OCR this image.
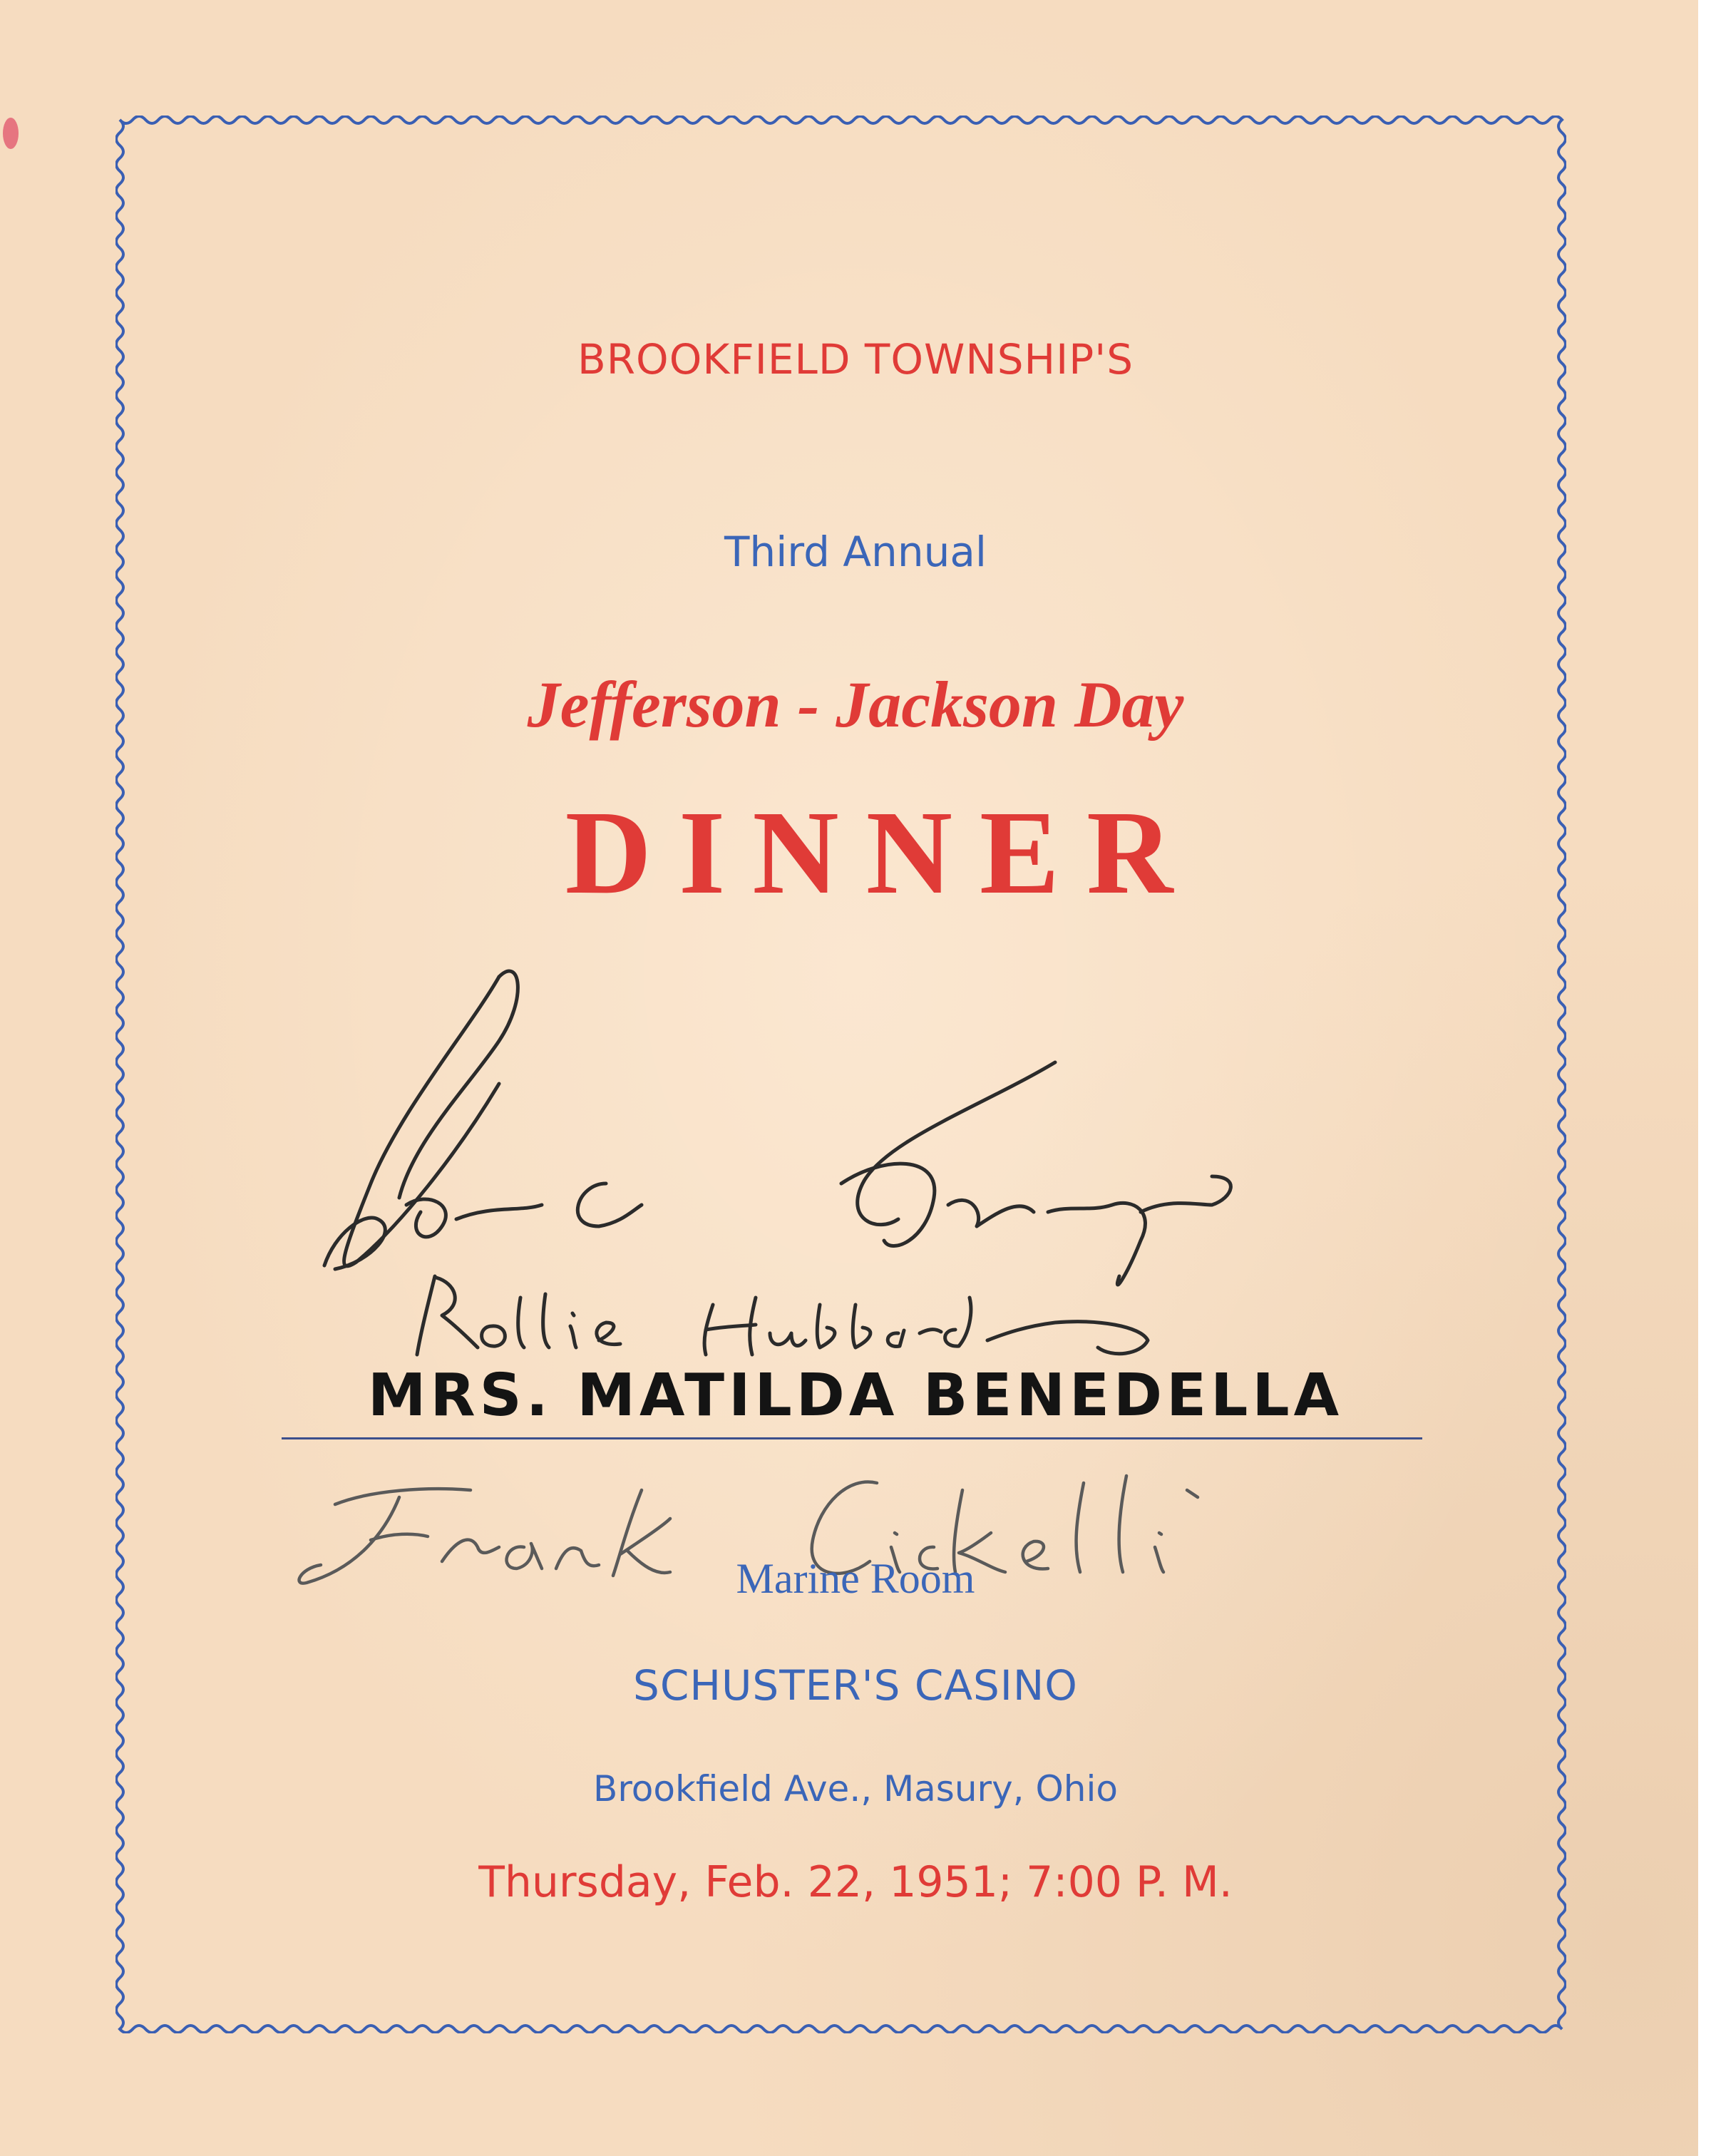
BROOKFIELD TOWNSHIP'S
Third Annual
Jefferson - Jackson Day
DINNER
MRS. MATILDA BENEDELLA
Marine Room
SCHUSTER'S CASINO
Brookfield Ave., Masury, Ohio
Thursday, Feb. 22, 1951; 7:00 P. M.
